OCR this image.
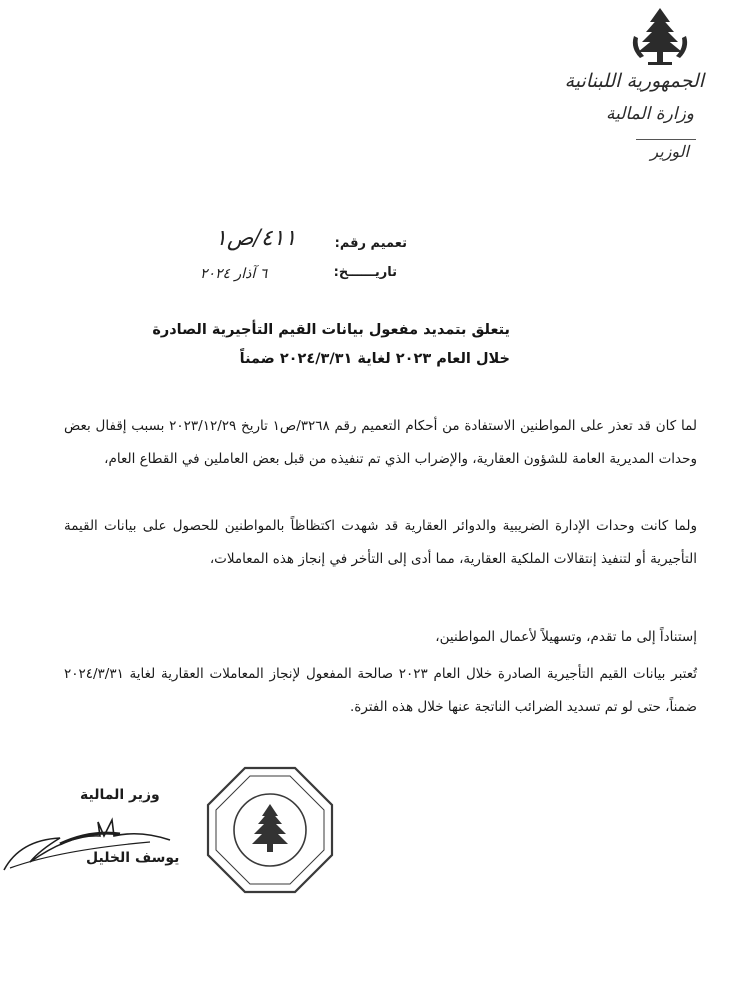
الجمهورية اللبنانية
وزارة المالية
الوزير
تعميم رقم:
٤١١/ص١
تاريــــــخ:
٦ آذار ٢٠٢٤
يتعلق بتمديد مفعول بيانات القيم التأجيرية الصادرة
خلال العام ٢٠٢٣ لغاية ٢٠٢٤/٣/٣١ ضمناً
لما كان قد تعذر على المواطنين الاستفادة من أحكام التعميم رقم ٣٢٦٨/ص١ تاريخ ٢٠٢٣/١٢/٢٩ بسبب إقفال بعض وحدات المديرية العامة للشؤون العقارية، والإضراب الذي تم تنفيذه من قبل بعض العاملين في القطاع العام،
ولما كانت وحدات الإدارة الضريبية والدوائر العقارية قد شهدت اكتظاظاً بالمواطنين للحصول على بيانات القيمة التأجيرية أو لتنفيذ إنتقالات الملكية العقارية، مما أدى إلى التأخر في إنجاز هذه المعاملات،
إستناداً إلى ما تقدم، وتسهيلاً لأعمال المواطنين،
تُعتبر بيانات القيم التأجيرية الصادرة خلال العام ٢٠٢٣ صالحة المفعول لإنجاز المعاملات العقارية لغاية ٢٠٢٤/٣/٣١ ضمناً، حتى لو تم تسديد الضرائب الناتجة عنها خلال هذه الفترة.
وزير المالية
يوسف الخليل
